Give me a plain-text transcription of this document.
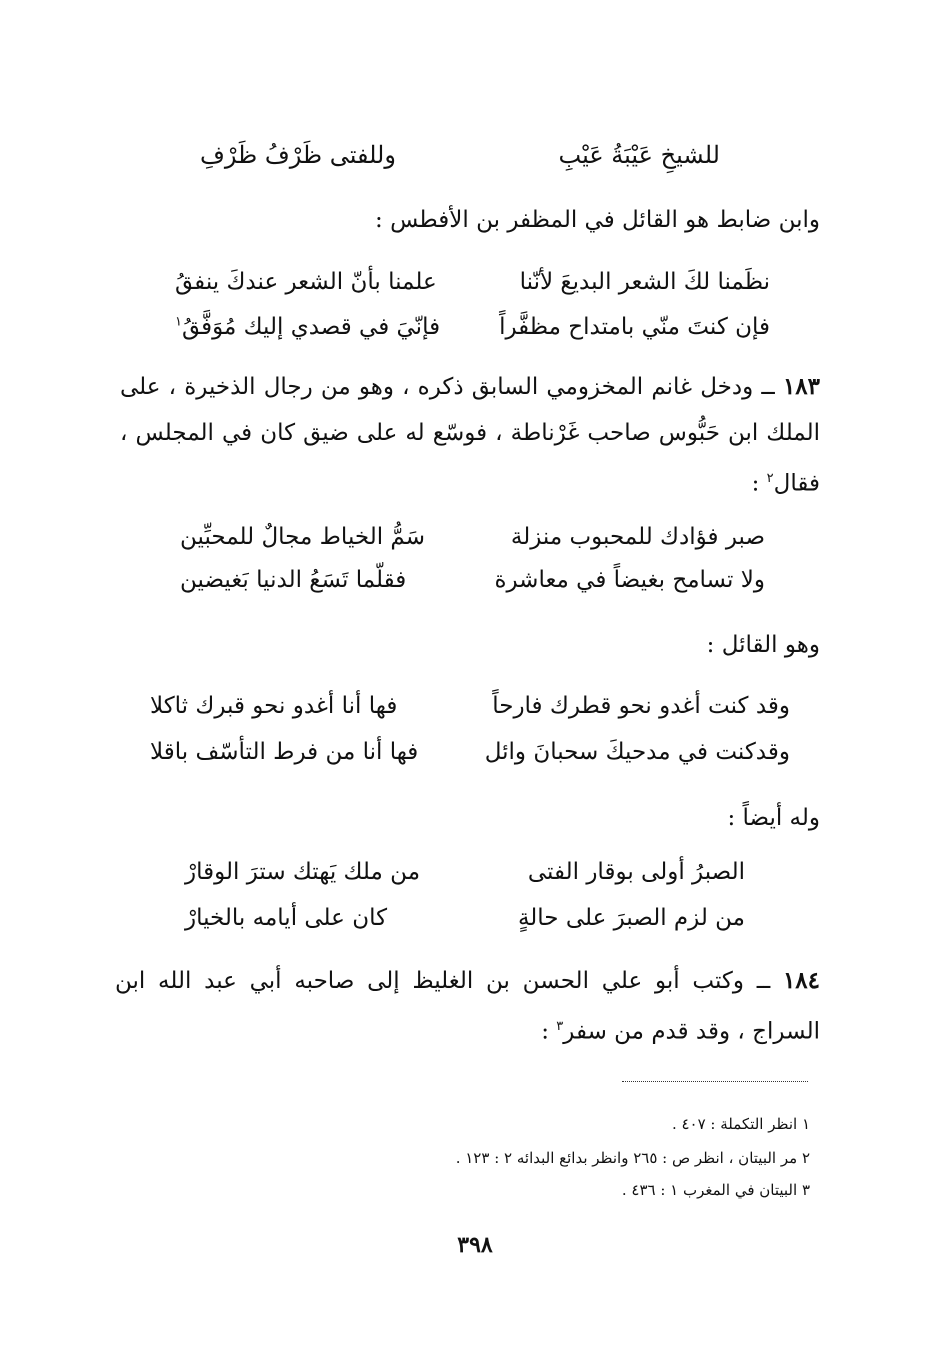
للشيخِ عَيْبَةُ عَيْبِ
وللفتى ظَرْفُ ظَرْفِ
وابن ضابط هو القائل في المظفر بن الأفطس :
نظَمنا لكَ الشعر البديعَ لأنّنا
علمنا بأنّ الشعر عندكَ ينفقُ
فإن كنتَ منّي بامتداح مظفَّراً
فإنّيَ في قصدي إليك مُوَفَّقُ$^١$
١٨٣ ــ ودخل غانم المخزومي السابق ذكره ، وهو من رجال الذخيرة ، على الملك ابن حَبُّوس صاحب غَرْناطة ، فوسّع له على ضيق كان في المجلس ، فقال$^٢$ :
صبر فؤادك للمحبوب منزلة
سَمُّ الخياط مجالٌ للمحبِّين
ولا تسامح بغيضاً في معاشرة
فقلّما تَسَعُ الدنيا بَغيضين
وهو القائل :
وقد كنت أغدو نحو قطرك فارحاً
فها أنا أغدو نحو قبرك ثاكلا
وقدكنت في مدحيكَ سحبانَ وائل
فها أنا من فرط التأسّف باقلا
وله أيضاً :
الصبرُ أولى بوقار الفتى
من ملك يَهتك سترَ الوقارْ
من لزم الصبرَ على حالةٍ
كان على أيامه بالخيارْ
١٨٤ ــ وكتب أبو علي الحسن بن الغليظ إلى صاحبه أبي عبد الله ابن السراج ، وقد قدم من سفر$^٣$ :
١ انظر التكملة : ٤٠٧ .
٢ مر البيتان ، انظر ص : ٢٦٥ وانظر بدائع البدائه ٢ : ١٢٣ .
٣ البيتان في المغرب ١ : ٤٣٦ .
٣٩٨
